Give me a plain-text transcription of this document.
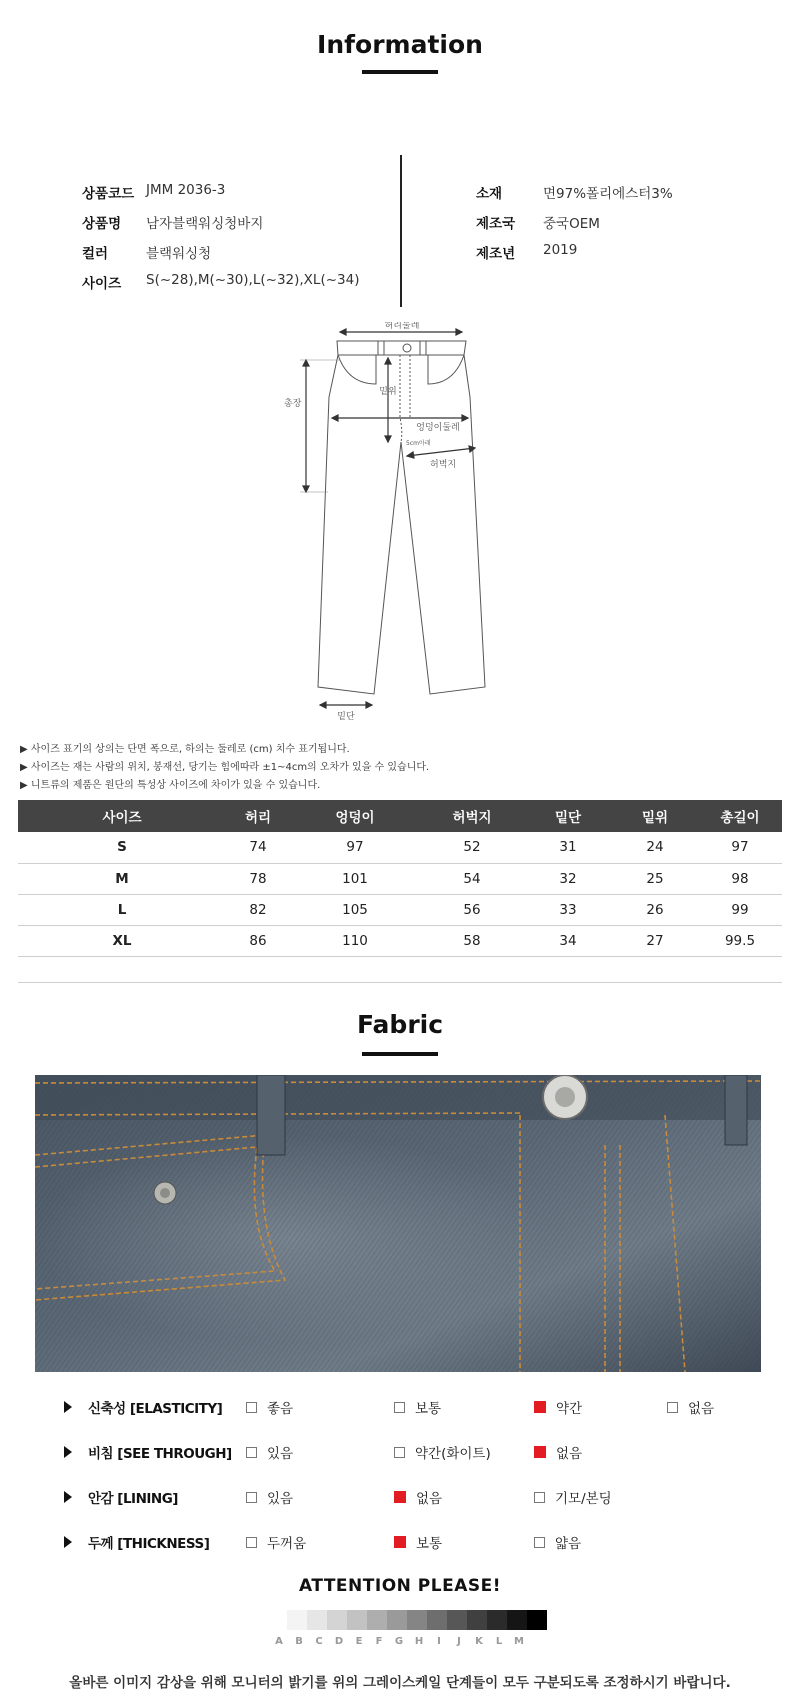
Information
상품코드 JMM 2036-3
상품명	남자블랙워싱청바지
컬러	블랙워싱청
사이즈	S(~28),M(~30),L(~32),XL(~34)
소재	면97%폴리에스터3%
제조국	중국OEM
제조년	2019
허리둘레
밑위
엉덩이둘레
총장
5cm아래
허벅지
밑단
▶ 사이즈 표기의 상의는 단면 폭으로, 하의는 둘레로 (cm) 치수 표기됩니다.
▶ 사이즈는 재는 사람의 위치, 봉재선, 당기는 힘에따라 ±1~4cm의 오차가 있을 수 있습니다.
▶ 니트류의 제품은 원단의 특성상 사이즈에 차이가 있을 수 있습니다.
사이즈	허리	엉덩이	허벅지	밑단	밑위	총길이
S	74	97	52	31	24	97
M	78	101	54	32	25	98
L	82	105	56	33	26	99
XL	86	110	58	34	27	99.5
Fabric
신축성 [ELASTICITY]	좋음	보통	약간	없음
비침 [SEE THROUGH]	있음	약간(화이트)	없음
안감 [LINING]	있음	없음	기모/본딩
두께 [THICKNESS]	두꺼움	보통	얇음
ATTENTION PLEASE!
A	B	C	D	E	F	G	H	I	J	K	L	M
올바른 이미지 감상을 위해 모니터의 밝기를 위의 그레이스케일 단계들이 모두 구분되도록 조정하시기 바랍니다.
